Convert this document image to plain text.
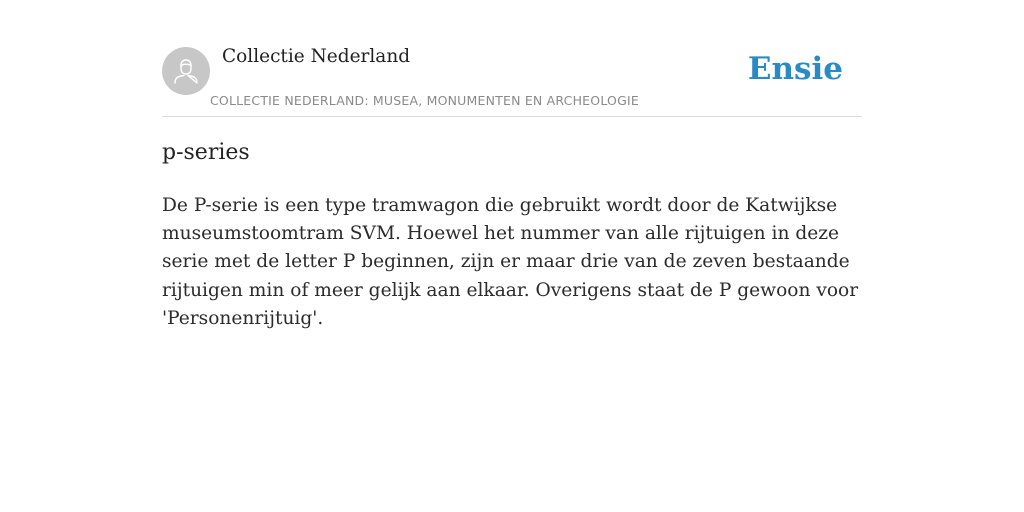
Collectie Nederland
COLLECTIE NEDERLAND: MUSEA, MONUMENTEN EN ARCHEOLOGIE
Ensie
p-series

De P-serie is een type tramwagon die gebruikt wordt door de Katwijkse museumstoomtram SVM. Hoewel het nummer van alle rijtuigen in deze serie met de letter P beginnen, zijn er maar drie van de zeven bestaande rijtuigen min of meer gelijk aan elkaar. Overigens staat de P gewoon voor 'Personenrijtuig'.
